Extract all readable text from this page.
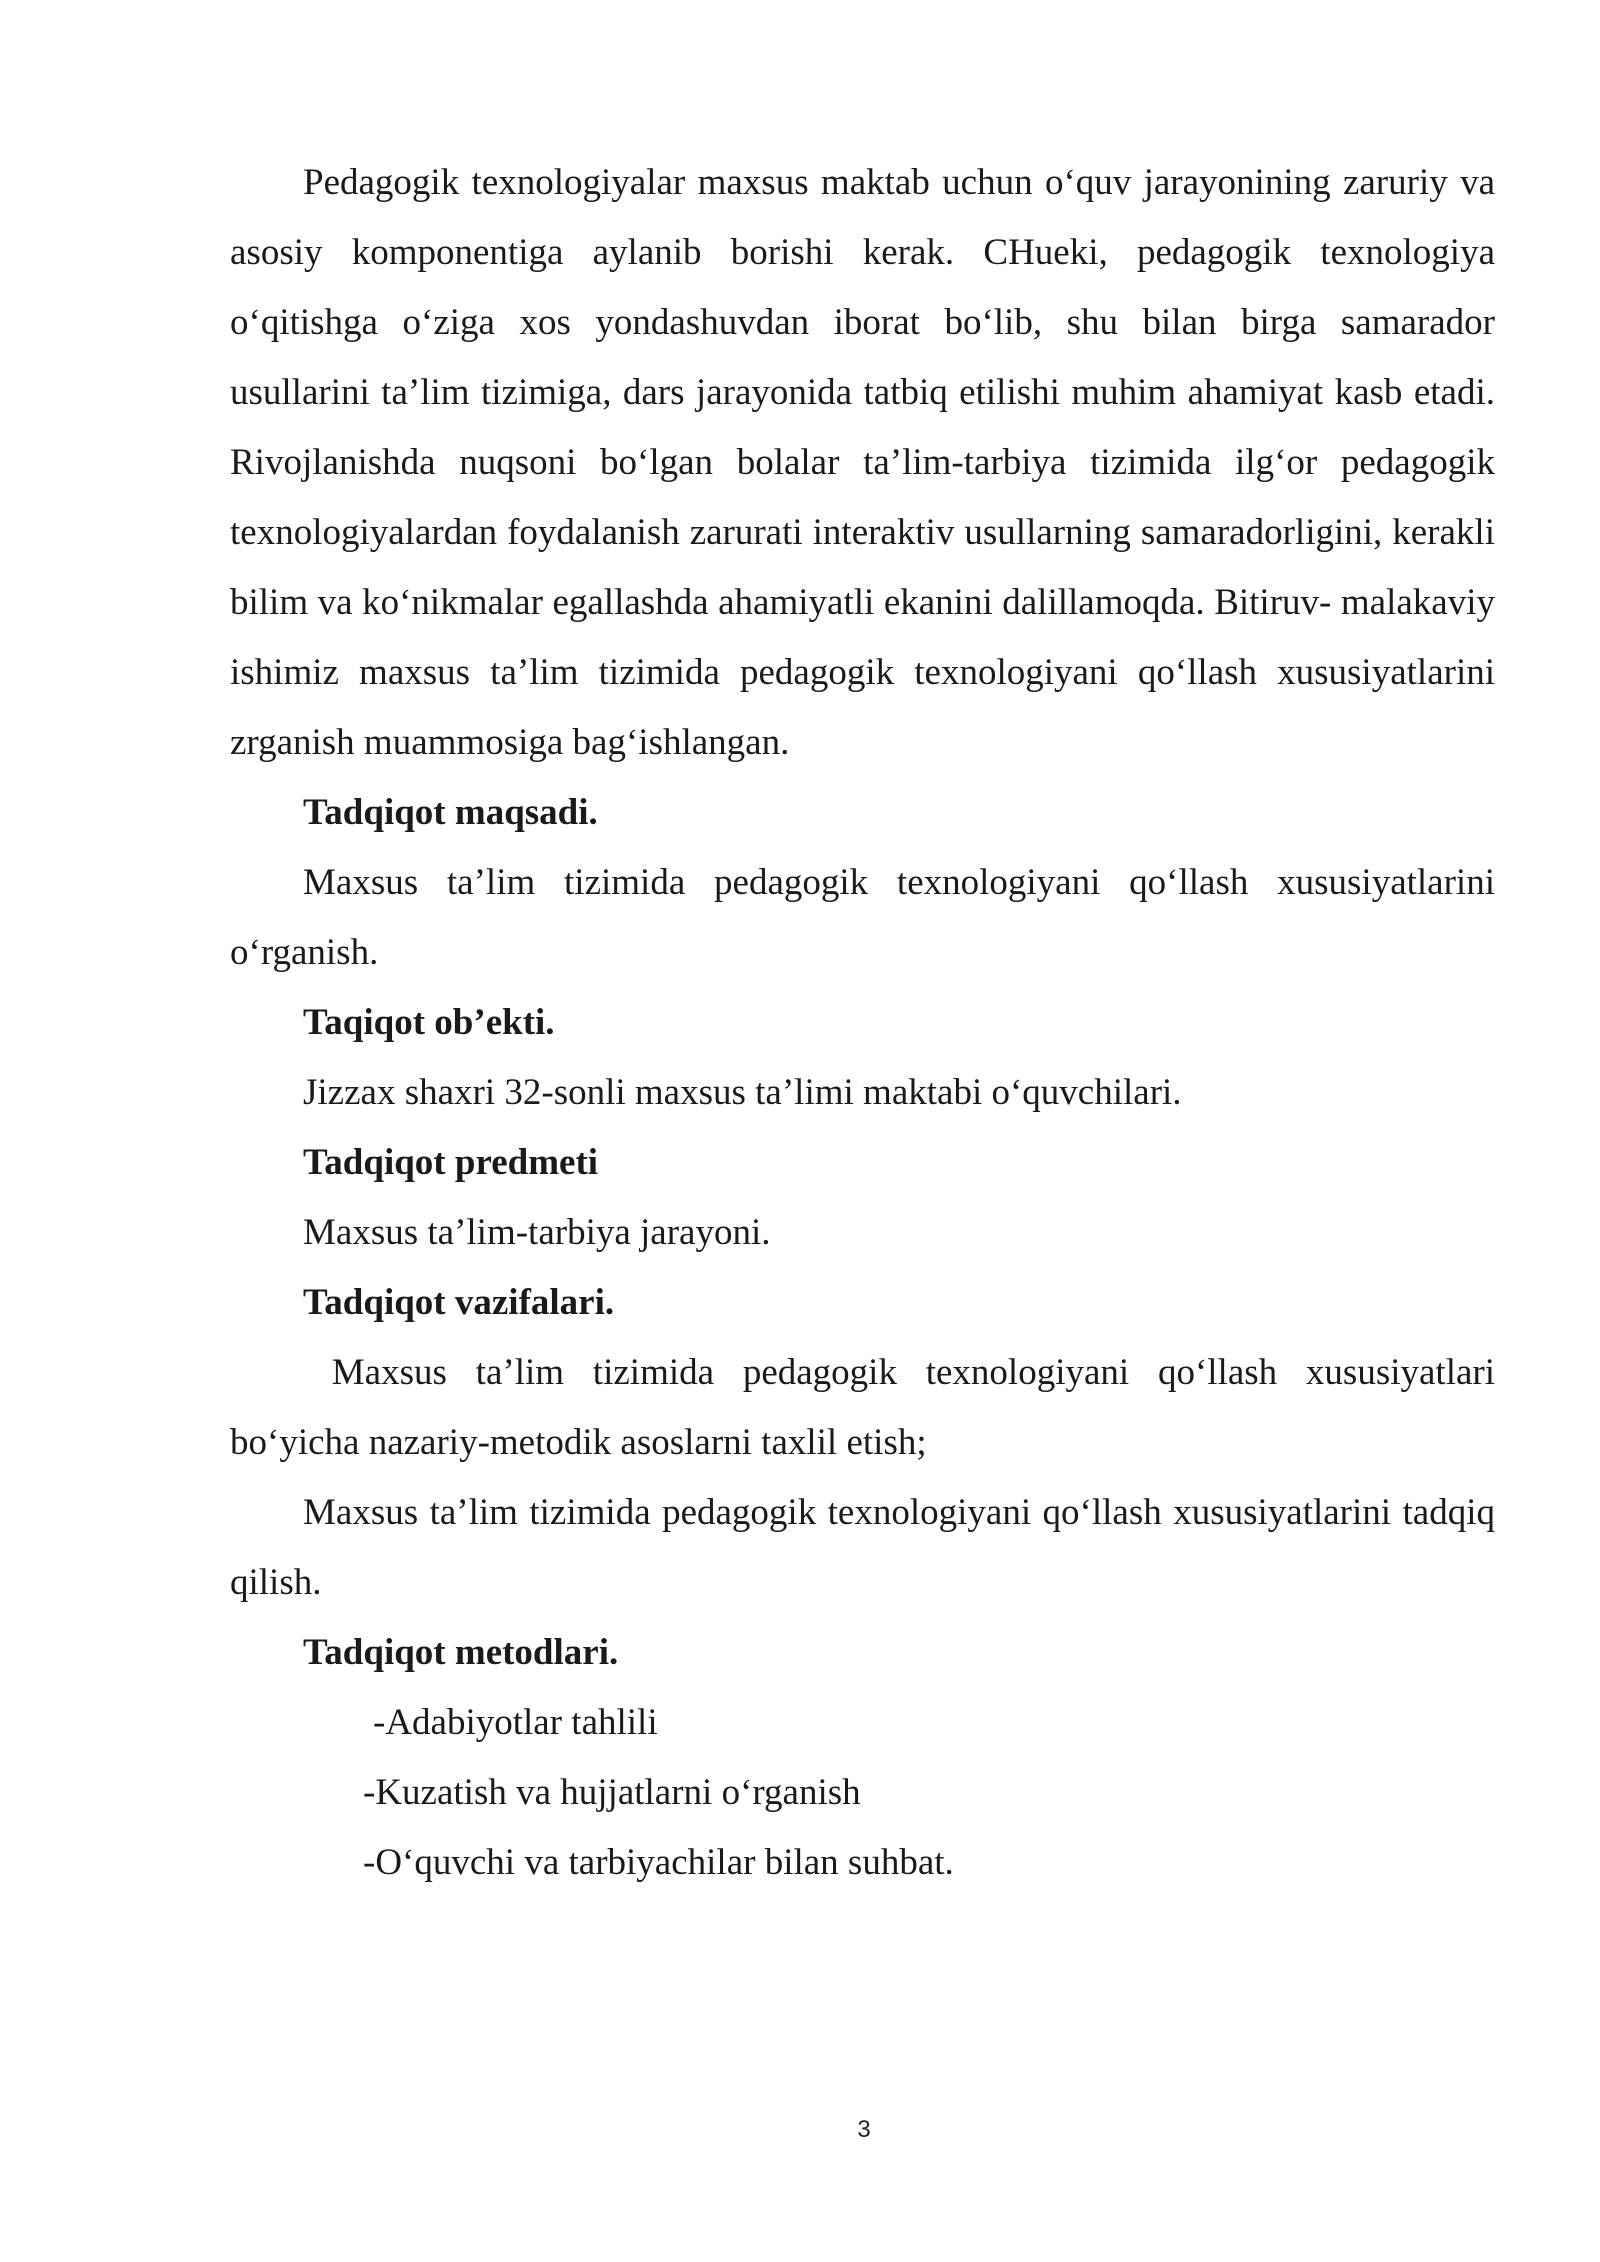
Pedagogik texnologiyalar maxsus maktab uchun o‘quv jarayonining zaruriy va asosiy komponentiga aylanib borishi kerak. CHueki, pedagogik texnologiya o‘qitishga o‘ziga xos yondashuvdan iborat bo‘lib, shu bilan birga samarador usullarini ta’lim tizimiga, dars jarayonida tatbiq etilishi muhim ahamiyat kasb etadi. Rivojlanishda nuqsoni bo‘lgan bolalar ta’lim-tarbiya tizimida ilg‘or pedagogik texnologiyalardan foydalanish zarurati interaktiv usullarning samaradorligini, kerakli bilim va ko‘nikmalar egallashda ahamiyatli ekanini dalillamoqda. Bitiruv- malakaviy ishimiz maxsus ta’lim tizimida pedagogik texnologiyani qo‘llash xususiyatlarini zrganish muammosiga bag‘ishlangan.

Tadqiqot maqsadi.

Maxsus ta’lim tizimida pedagogik texnologiyani qo‘llash xususiyatlarini o‘rganish.

Taqiqot ob’ekti.

Jizzax shaxri 32-sonli maxsus ta’limi maktabi o‘quvchilari.

Tadqiqot predmeti

Maxsus ta’lim-tarbiya jarayoni.

Tadqiqot vazifalari.

Maxsus ta’lim tizimida pedagogik texnologiyani qo‘llash xususiyatlari bo‘yicha nazariy-metodik asoslarni taxlil etish;

Maxsus ta’lim tizimida pedagogik texnologiyani qo‘llash xususiyatlarini tadqiq qilish.

Tadqiqot metodlari.

-Adabiyotlar tahlili
-Kuzatish va hujjatlarni o‘rganish
-O‘quvchi va tarbiyachilar bilan suhbat.
3
